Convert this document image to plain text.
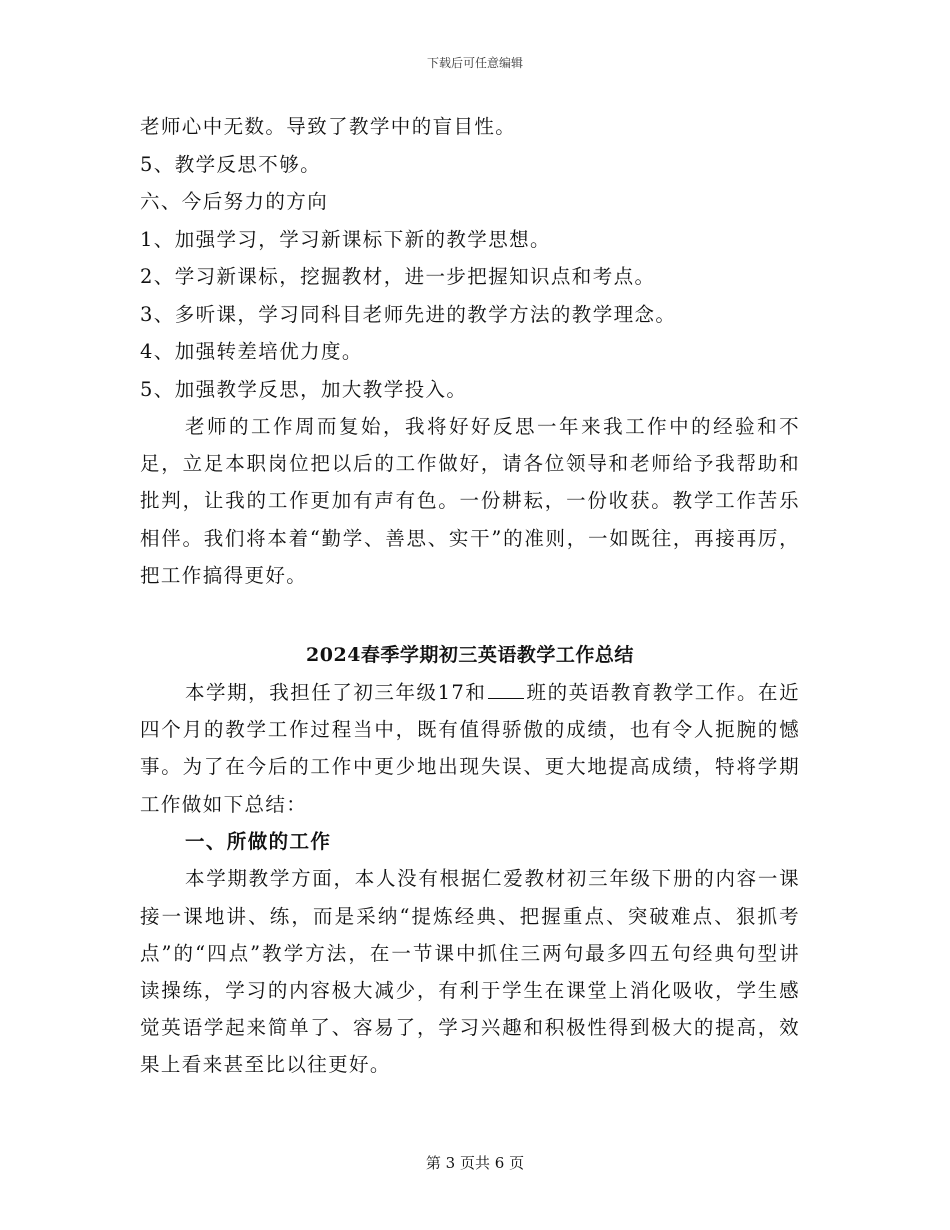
下载后可任意编辑
老师心中无数。导致了教学中的盲目性。
5、教学反思不够。
六、今后努力的方向
1、加强学习，学习新课标下新的教学思想。
2、学习新课标，挖掘教材，进一步把握知识点和考点。
3、多听课，学习同科目老师先进的教学方法的教学理念。
4、加强转差培优力度。
5、加强教学反思，加大教学投入。

老师的工作周而复始，我将好好反思一年来我工作中的经验和不足，立足本职岗位把以后的工作做好，请各位领导和老师给予我帮助和批判，让我的工作更加有声有色。一份耕耘，一份收获。教学工作苦乐相伴。我们将本着“勤学、善思、实干”的准则，一如既往，再接再厉，把工作搞得更好。

2024春季学期初三英语教学工作总结

本学期，我担任了初三年级17和 班的英语教育教学工作。在近四个月的教学工作过程当中，既有值得骄傲的成绩，也有令人扼腕的憾事。为了在今后的工作中更少地出现失误、更大地提高成绩，特将学期工作做如下总结：

一、所做的工作

本学期教学方面，本人没有根据仁爱教材初三年级下册的内容一课接一课地讲、练，而是采纳“提炼经典、把握重点、突破难点、狠抓考点”的“四点”教学方法，在一节课中抓住三两句最多四五句经典句型讲读操练，学习的内容极大减少，有利于学生在课堂上消化吸收，学生感觉英语学起来简单了、容易了，学习兴趣和积极性得到极大的提高，效果上看来甚至比以往更好。

第 3 页共 6 页
